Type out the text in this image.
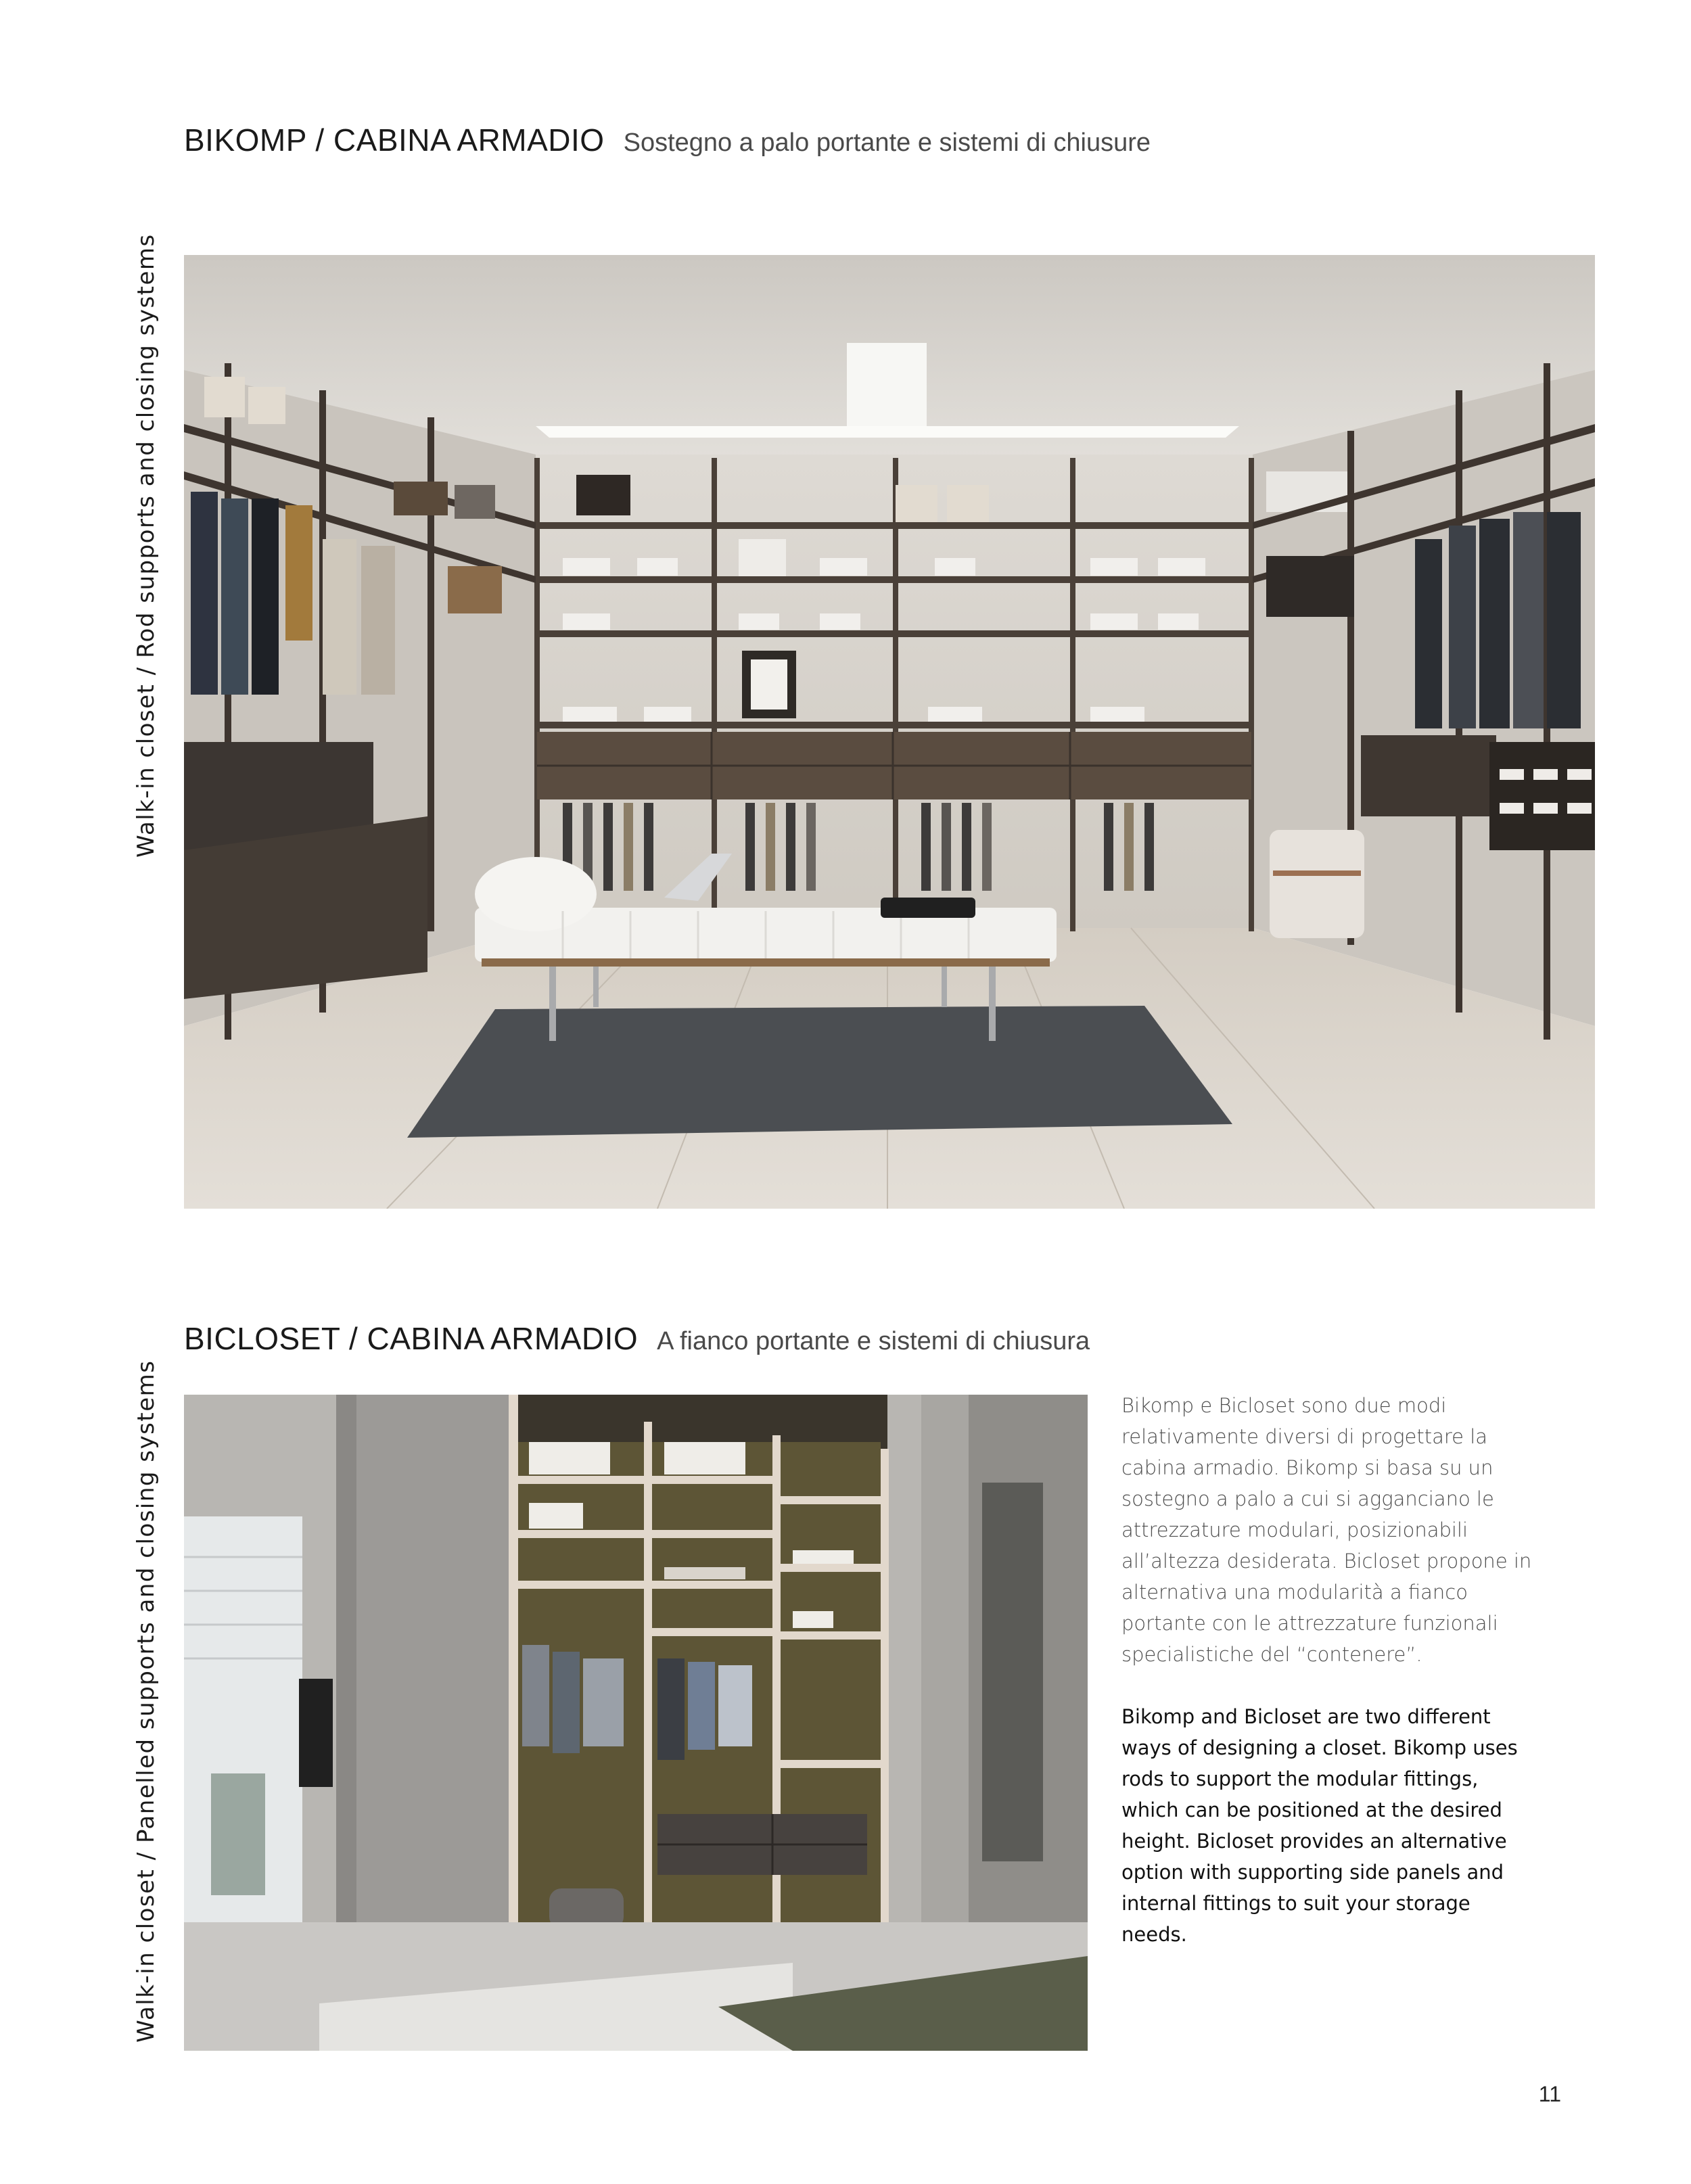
BIKOMP / CABINA ARMADIO Sostegno a palo portante e sistemi di chiusure
Walk-in closet / Rod supports and closing systems
BICLOSET / CABINA ARMADIO A fianco portante e sistemi di chiusura
Walk-in closet / Panelled supports and closing systems	Bikomp e Bicloset sono due modi relativamente diversi di progettare la cabina armadio. Bikomp si basa su un sostegno a palo a cui si agganciano le attrezzature modulari, posizionabili all’altezza desiderata. Bicloset propone in alternativa una modularità a fianco portante con le attrezzature funzionali specialistiche del “contenere”.

Bikomp and Bicloset are two different ways of designing a closet. Bikomp uses rods to support the modular fittings, which can be positioned at the desired height. Bicloset provides an alternative option with supporting side panels and internal fittings to suit your storage needs.

11
